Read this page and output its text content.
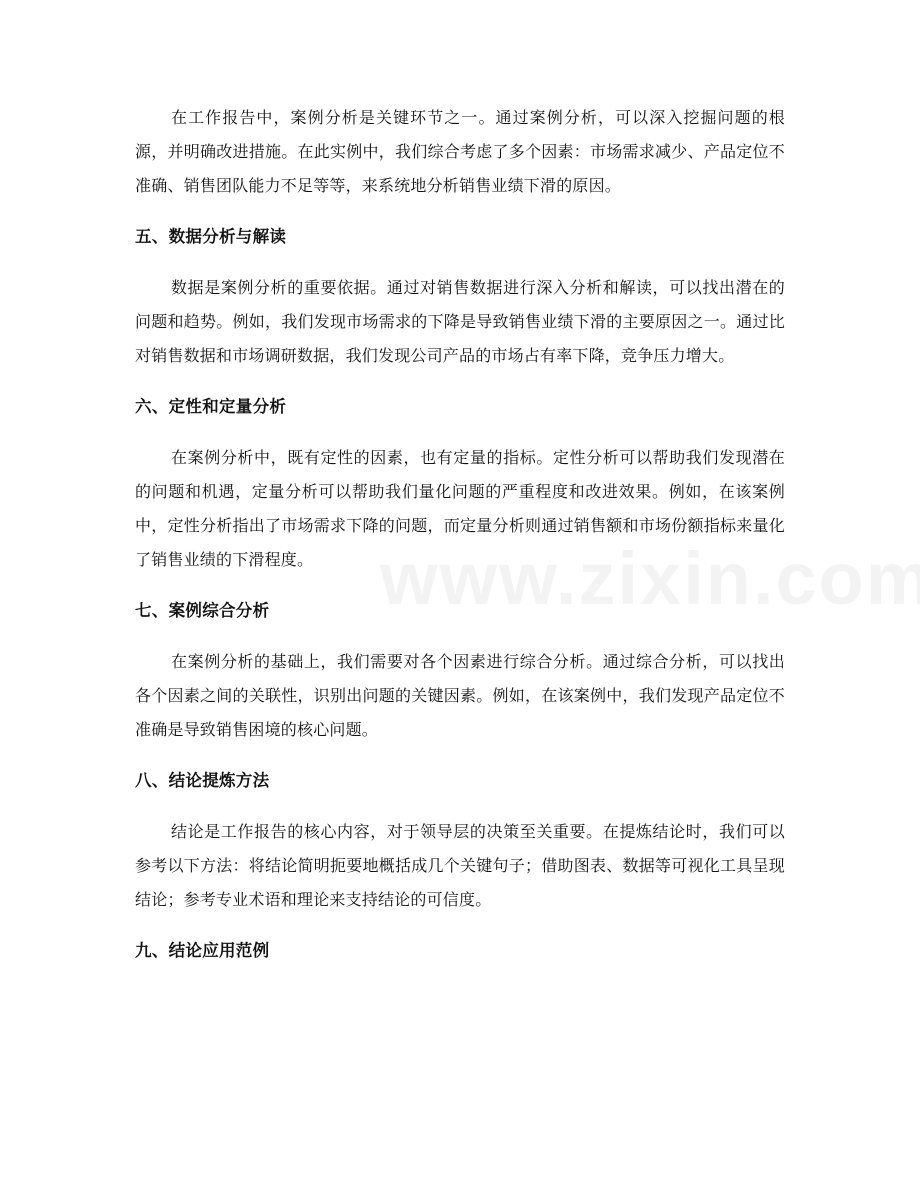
在工作报告中，案例分析是关键环节之一。通过案例分析，可以深入挖掘问题的根源，并明确改进措施。在此实例中，我们综合考虑了多个因素：市场需求减少、产品定位不准确、销售团队能力不足等等，来系统地分析销售业绩下滑的原因。

五、数据分析与解读

数据是案例分析的重要依据。通过对销售数据进行深入分析和解读，可以找出潜在的问题和趋势。例如，我们发现市场需求的下降是导致销售业绩下滑的主要原因之一。通过比对销售数据和市场调研数据，我们发现公司产品的市场占有率下降，竞争压力增大。

六、定性和定量分析

在案例分析中，既有定性的因素，也有定量的指标。定性分析可以帮助我们发现潜在的问题和机遇，定量分析可以帮助我们量化问题的严重程度和改进效果。例如，在该案例中，定性分析指出了市场需求下降的问题，而定量分析则通过销售额和市场份额指标来量化了销售业绩的下滑程度。

七、案例综合分析

在案例分析的基础上，我们需要对各个因素进行综合分析。通过综合分析，可以找出各个因素之间的关联性，识别出问题的关键因素。例如，在该案例中，我们发现产品定位不准确是导致销售困境的核心问题。

八、结论提炼方法

结论是工作报告的核心内容，对于领导层的决策至关重要。在提炼结论时，我们可以参考以下方法：将结论简明扼要地概括成几个关键句子；借助图表、数据等可视化工具呈现结论；参考专业术语和理论来支持结论的可信度。

九、结论应用范例
